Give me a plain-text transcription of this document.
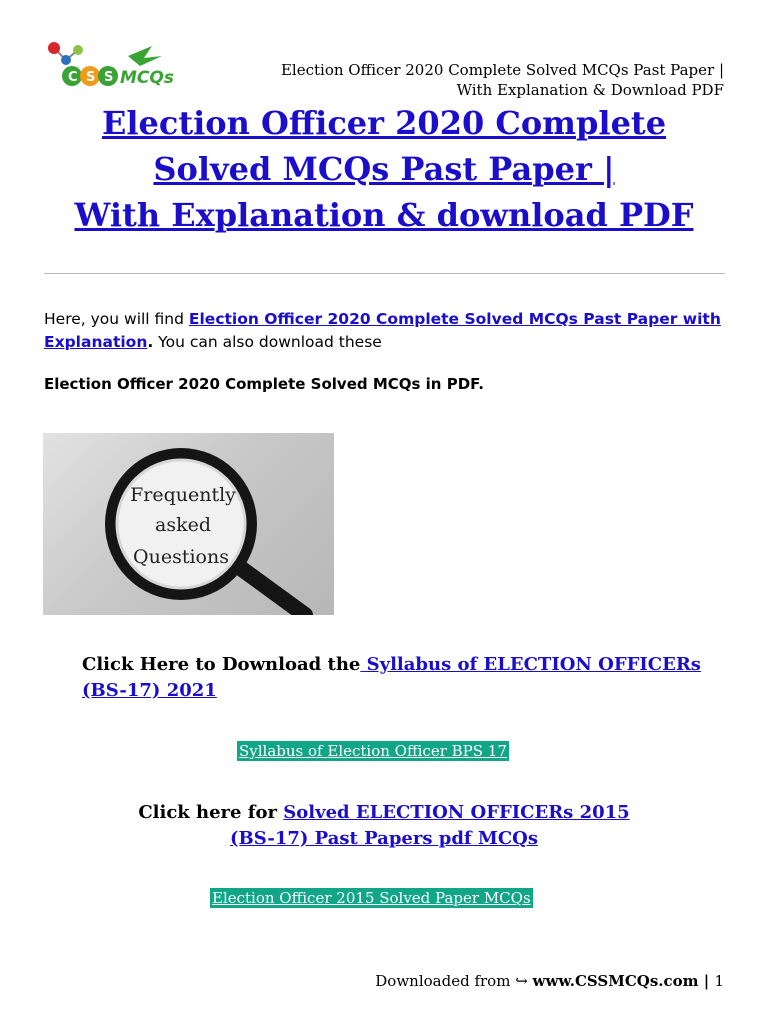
C S S MCQs	Election Officer 2020 Complete Solved MCQs Past Paper |
With Explanation & Download PDF
Election Officer 2020 Complete
Solved MCQs Past Paper |
With Explanation & download PDF
Here, you will find Election Officer 2020 Complete Solved MCQs Past Paper with Explanation. You can also download these
Election Officer 2020 Complete Solved MCQs in PDF.
Frequently
asked
Questions
Click Here to Download the Syllabus of ELECTION OFFICERs (BS-17) 2021
Syllabus of Election Officer BPS 17
Click here for Solved ELECTION OFFICERs 2015
(BS-17) Past Papers pdf MCQs
Election Officer 2015 Solved Paper MCQs
Downloaded from ↪ www.CSSMCQs.com | 1
